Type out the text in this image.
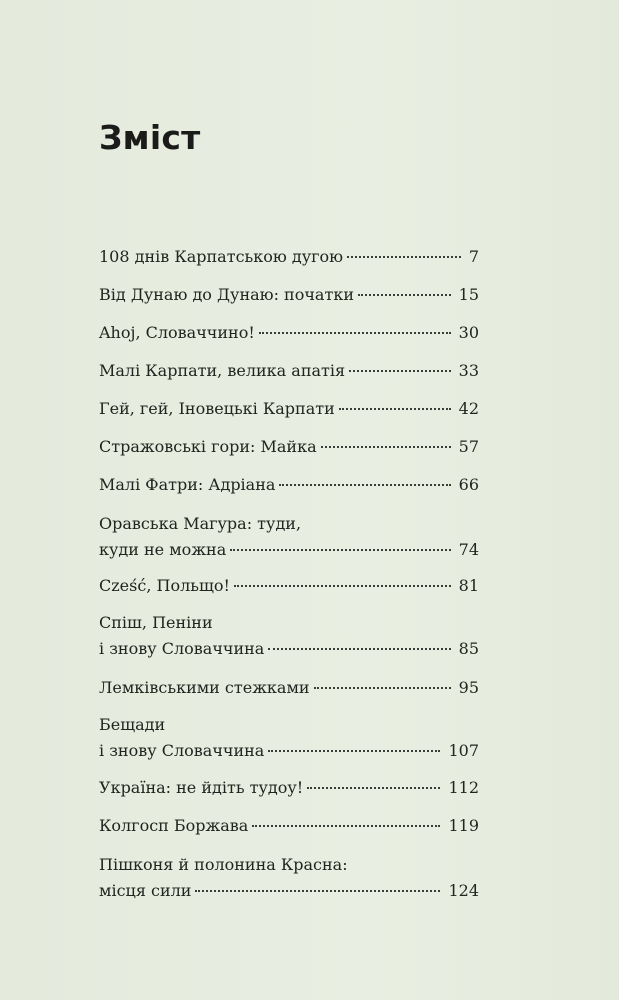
Зміст
108 днів Карпатською дугою	7
Від Дунаю до Дунаю: початки	15
Ahoj, Словаччино!	30
Малі Карпати, велика апатія	33
Гей, гей, Іновецькі Карпати	42
Стражовські гори: Майка	57
Малі Фатри: Адріана	66
Оравська Магура: туди,
куди не можна	74
Cześć, Польщо!	81
Спіш, Пеніни
і знову Словаччина	85
Лемківськими стежками	95
Бещади
і знову Словаччина	107
Україна: не йдіть тудоу!	112
Колгосп Боржава	119
Пішконя й полонина Красна:
місця сили	124
